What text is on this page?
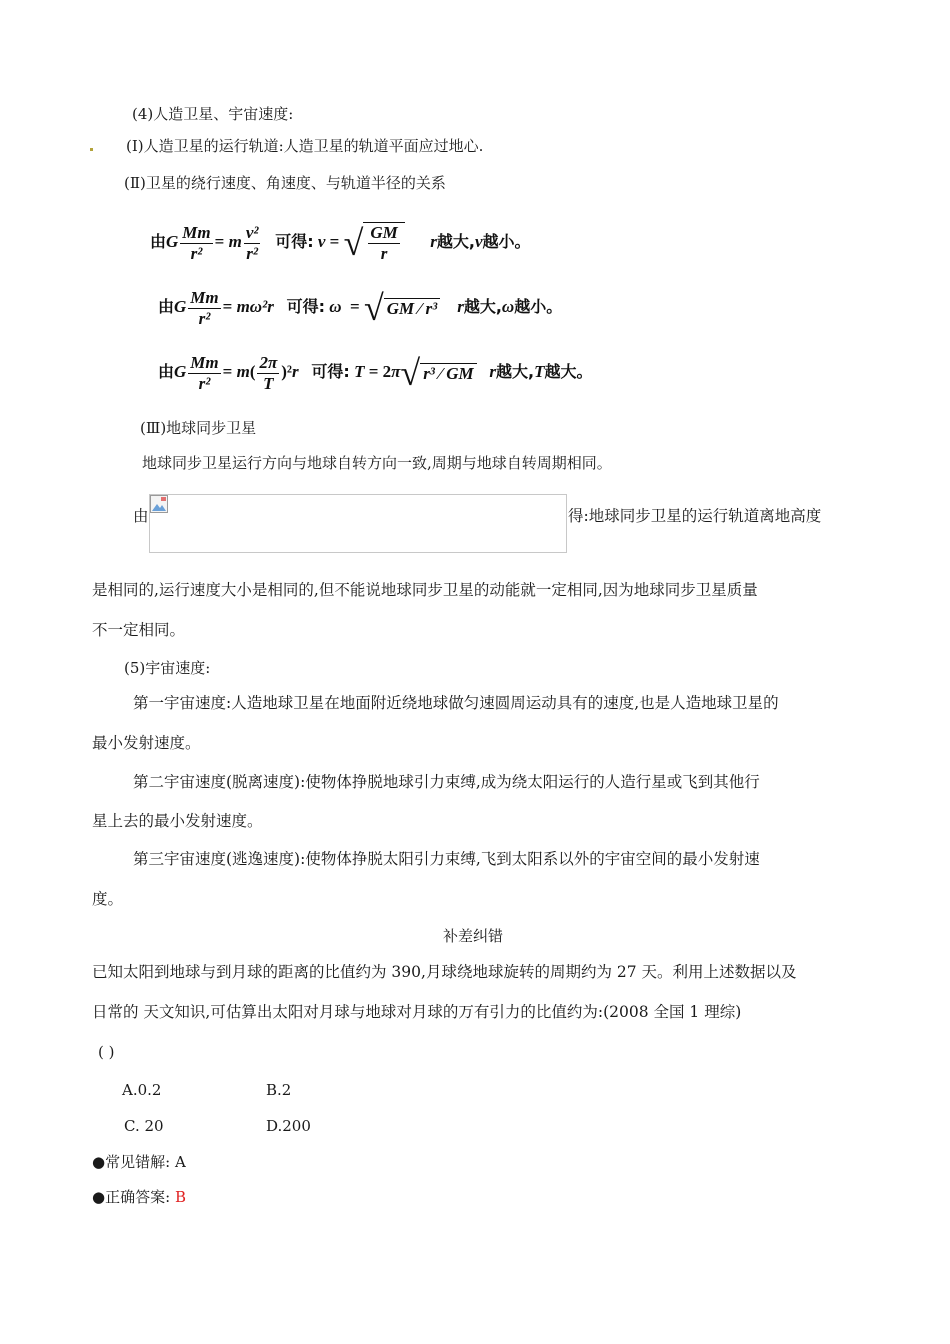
(4)人造卫星、宇宙速度:
(Ⅰ)人造卫星的运行轨道:人造卫星的轨道平面应过地心.
(Ⅱ)卫星的绕行速度、角速度、与轨道半径的关系
由G $\frac{Mm}{\text{r²}} = m \frac{\text{v²}}{\text{r²}}$ 可得: v = √ $\frac{GM}{r}$ r越大,v越小。
由G $\frac{Mm}{\text{r²}} = m\omega^2r$ 可得: ω  = √ GM ⁄ r³ r越大,ω越小。
由G $\frac{Mm}{\text{r²}} = m( \frac{2\pi}{T} )^2r$ 可得: T = 2π√ r³ ⁄ GM r越大,T越大。
(Ⅲ)地球同步卫星
地球同步卫星运行方向与地球自转方向一致,周期与地球自转周期相同。
由	得:地球同步卫星的运行轨道离地高度
是相同的,运行速度大小是相同的,但不能说地球同步卫星的动能就一定相同,因为地球同步卫星质量
不一定相同。
(5)宇宙速度:
第一宇宙速度:人造地球卫星在地面附近绕地球做匀速圆周运动具有的速度,也是人造地球卫星的
最小发射速度。
第二宇宙速度(脱离速度):使物体挣脱地球引力束缚,成为绕太阳运行的人造行星或飞到其他行
星上去的最小发射速度。
第三宇宙速度(逃逸速度):使物体挣脱太阳引力束缚,飞到太阳系以外的宇宙空间的最小发射速
度。
补差纠错
已知太阳到地球与到月球的距离的比值约为 390,月球绕地球旋转的周期约为 27 天。利用上述数据以及
日常的 天文知识,可估算出太阳对月球与地球对月球的万有引力的比值约为:(2008 全国 1 理综)
( )
A.0.2	B.2
C. 20	D.200
●常见错解: A
●正确答案: B
